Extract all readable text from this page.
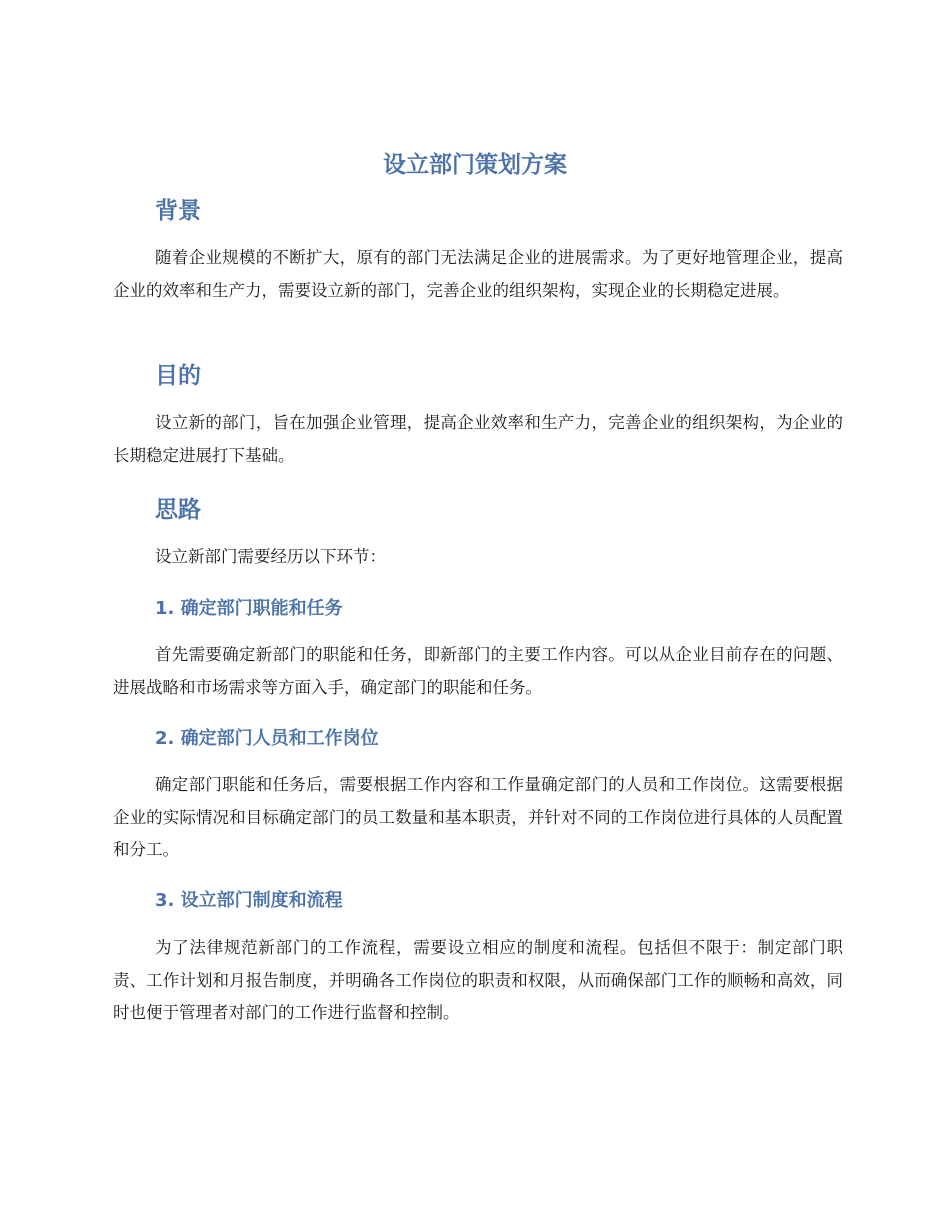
设立部门策划方案
背景

随着企业规模的不断扩大，原有的部门无法满足企业的进展需求。为了更好地管理企业，提高企业的效率和生产力，需要设立新的部门，完善企业的组织架构，实现企业的长期稳定进展。

目的

设立新的部门，旨在加强企业管理，提高企业效率和生产力，完善企业的组织架构，为企业的长期稳定进展打下基础。

思路

设立新部门需要经历以下环节：

1. 确定部门职能和任务

首先需要确定新部门的职能和任务，即新部门的主要工作内容。可以从企业目前存在的问题、进展战略和市场需求等方面入手，确定部门的职能和任务。

2. 确定部门人员和工作岗位

确定部门职能和任务后，需要根据工作内容和工作量确定部门的人员和工作岗位。这需要根据企业的实际情况和目标确定部门的员工数量和基本职责，并针对不同的工作岗位进行具体的人员配置和分工。

3. 设立部门制度和流程

为了法律规范新部门的工作流程，需要设立相应的制度和流程。包括但不限于：制定部门职责、工作计划和月报告制度，并明确各工作岗位的职责和权限，从而确保部门工作的顺畅和高效，同时也便于管理者对部门的工作进行监督和控制。
